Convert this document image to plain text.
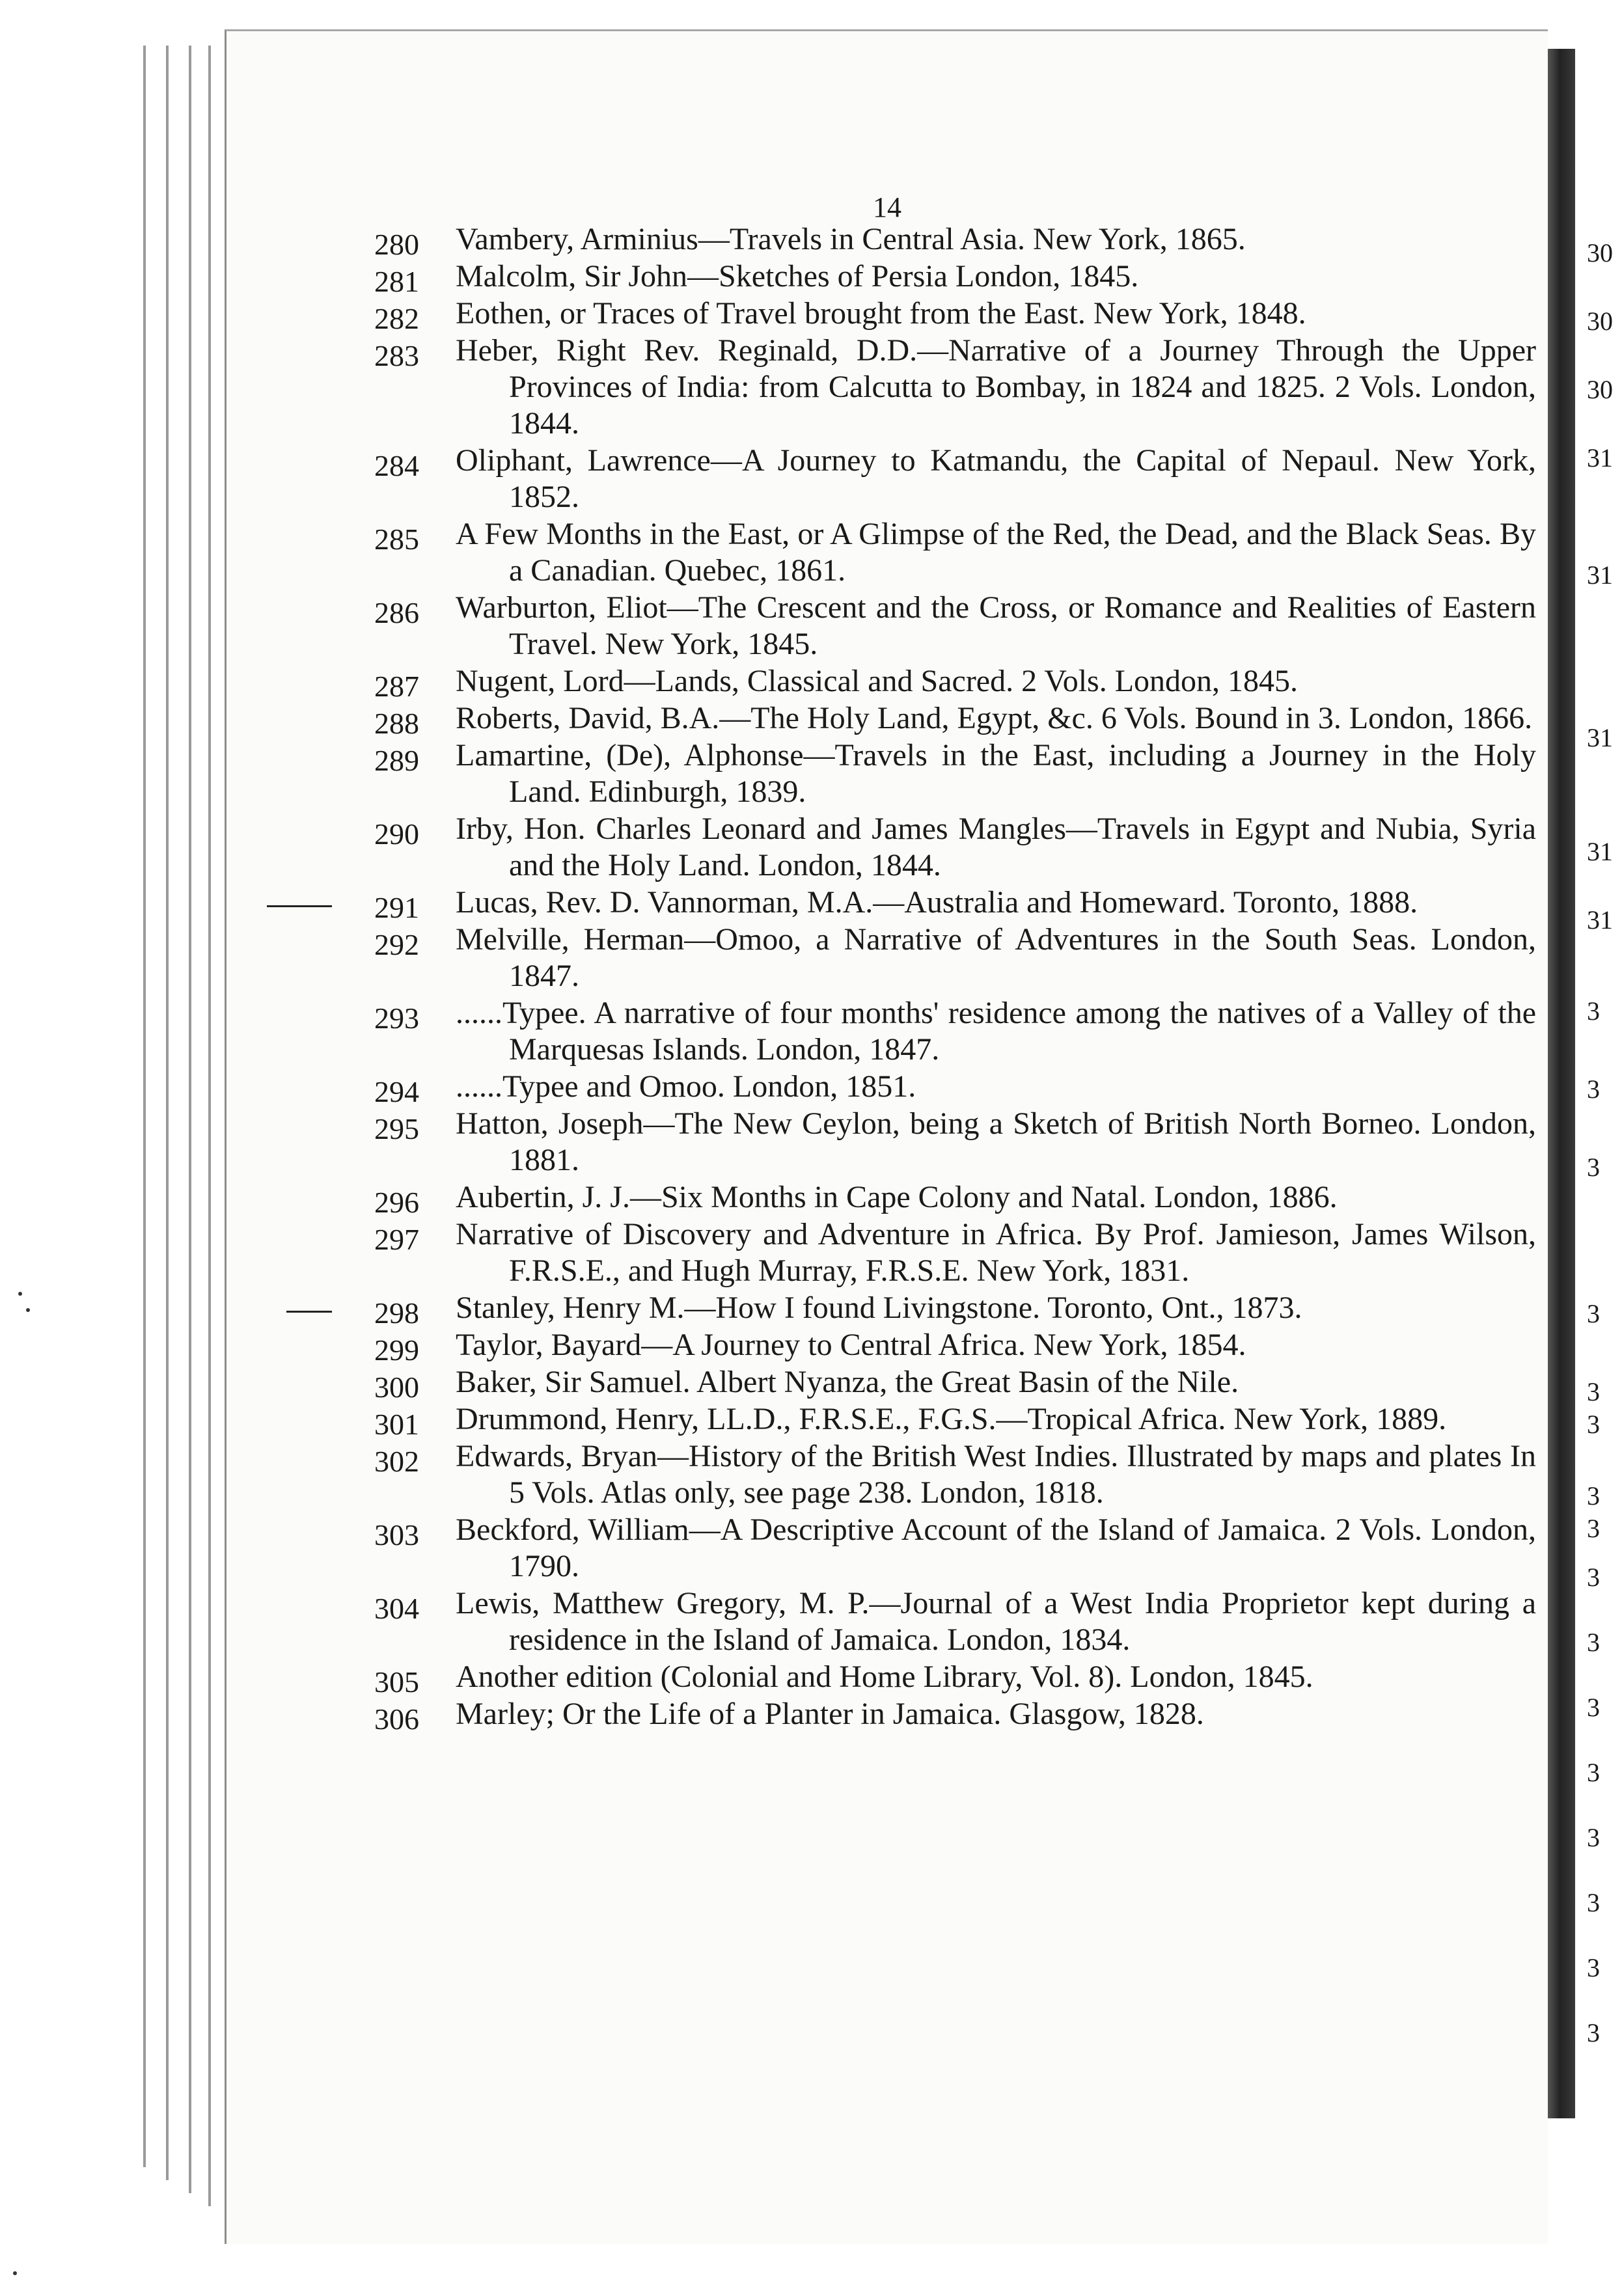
14
280	Vambery, Arminius—Travels in Central Asia. New York, 1865.
281	Malcolm, Sir John—Sketches of Persia London, 1845.
282	Eothen, or Traces of Travel brought from the East. New York, 1848.
283	Heber, Right Rev. Reginald, D.D.—Narrative of a Journey Through the Upper Provinces of India: from Calcutta to Bombay, in 1824 and 1825. 2 Vols. London, 1844.
284	Oliphant, Lawrence—A Journey to Katmandu, the Capital of Nepaul. New York, 1852.
285	A Few Months in the East, or A Glimpse of the Red, the Dead, and the Black Seas. By a Canadian. Quebec, 1861.
286	Warburton, Eliot—The Crescent and the Cross, or Romance and Realities of Eastern Travel. New York, 1845.
287	Nugent, Lord—Lands, Classical and Sacred. 2 Vols. London, 1845.
288	Roberts, David, B.A.—The Holy Land, Egypt, &c. 6 Vols. Bound in 3. London, 1866.
289	Lamartine, (De), Alphonse—Travels in the East, including a Journey in the Holy Land. Edinburgh, 1839.
290	Irby, Hon. Charles Leonard and James Mangles—Travels in Egypt and Nubia, Syria and the Holy Land. London, 1844.
291	Lucas, Rev. D. Vannorman, M.A.—Australia and Homeward. Toronto, 1888.
292	Melville, Herman—Omoo, a Narrative of Adventures in the South Seas. London, 1847.
293	......Typee. A narrative of four months' residence among the natives of a Valley of the Marquesas Islands. London, 1847.
294	......Typee and Omoo. London, 1851.
295	Hatton, Joseph—The New Ceylon, being a Sketch of British North Borneo. London, 1881.
296	Aubertin, J. J.—Six Months in Cape Colony and Natal. London, 1886.
297	Narrative of Discovery and Adventure in Africa. By Prof. Jamieson, James Wilson, F.R.S.E., and Hugh Murray, F.R.S.E. New York, 1831.
298	Stanley, Henry M.—How I found Livingstone. Toronto, Ont., 1873.
299	Taylor, Bayard—A Journey to Central Africa. New York, 1854.
300	Baker, Sir Samuel. Albert Nyanza, the Great Basin of the Nile.
301	Drummond, Henry, LL.D., F.R.S.E., F.G.S.—Tropical Africa. New York, 1889.
302	Edwards, Bryan—History of the British West Indies. Illustrated by maps and plates In 5 Vols. Atlas only, see page 238. London, 1818.
303	Beckford, William—A Descriptive Account of the Island of Jamaica. 2 Vols. London, 1790.
304	Lewis, Matthew Gregory, M. P.—Journal of a West India Proprietor kept during a residence in the Island of Jamaica. London, 1834.
305	Another edition (Colonial and Home Library, Vol. 8). London, 1845.
306	Marley; Or the Life of a Planter in Jamaica. Glasgow, 1828.
30
30
30
31
31
31
31
31
3
3
3
3
3
3
3
3
3
3
3
3
3
3
3
3
